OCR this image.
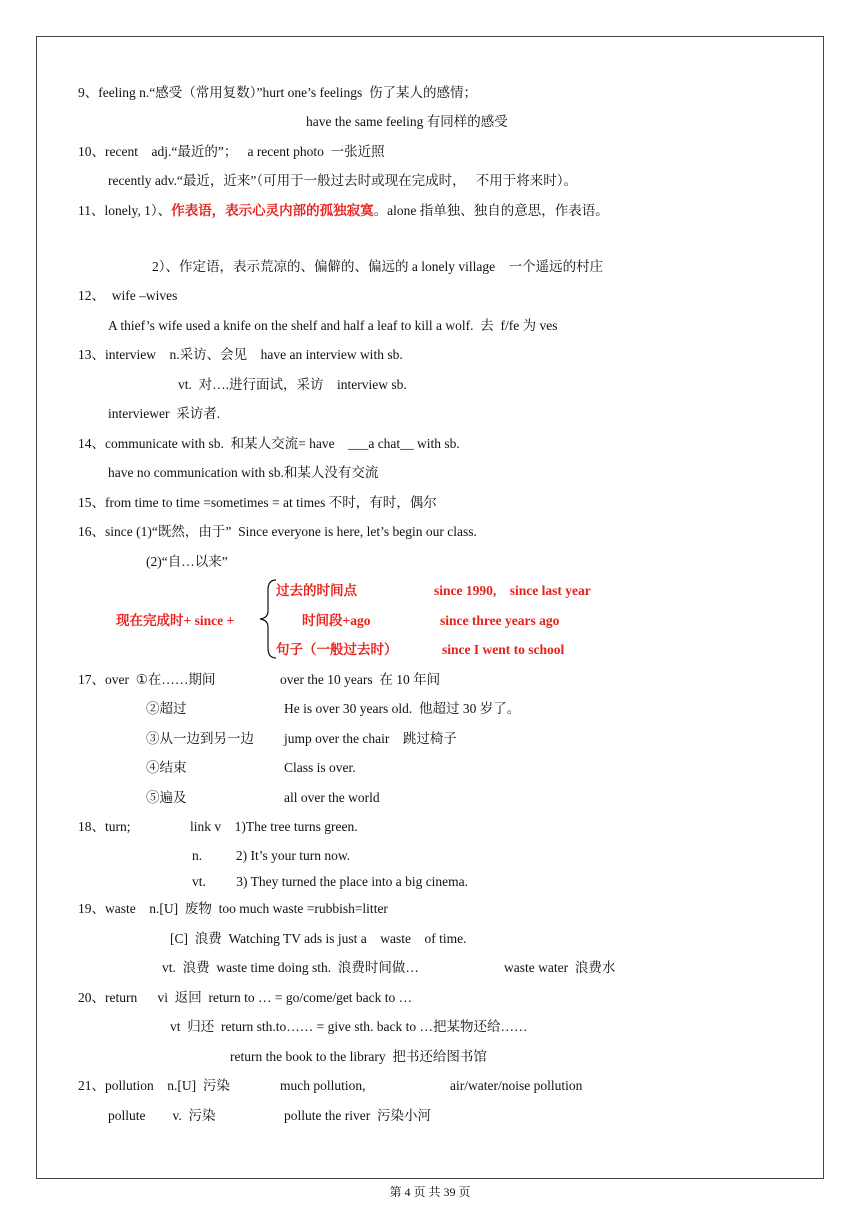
9、feeling n.“感受（常用复数）”hurt one’s feelings  伤了某人的感情；
have the same feeling 有同样的感受
10、recent    adj.“最近的”；   a recent photo  一张近照
recently adv.“最近，近来”（可用于一般过去时或现在完成时，   不用于将来时）。
11、lonely, 1）、作表语，表示心灵内部的孤独寂寞。alone 指单独、独自的意思，作表语。
2）、作定语，表示荒凉的、偏僻的、偏远的 a lonely village    一个遥远的村庄
12、  wife –wives
A thief’s wife used a knife on the shelf and half a leaf to kill a wolf.  去  f/fe 为 ves
13、interview    n.采访、会见    have an interview with sb.
vt.  对….进行面试，采访    interview sb.
interviewer  采访者.
14、communicate with sb.  和某人交流= have    ___a chat__ with sb.
have no communication with sb.和某人没有交流
15、from time to time =sometimes = at times 不时，有时，偶尔
16、since (1)“既然，由于”  Since everyone is here, let’s begin our class.
(2)“自…以来”
现在完成时+ since +
过去的时间点	since 1990,    since last year
时间段+ago	since three years ago
句子（一般过去时）	since I went to school
17、over  ①在……期间	over the 10 years  在 10 年间
②超过	He is over 30 years old.  他超过 30 岁了。
③从一边到另一边 jump over the chair    跳过椅子
④结束	Class is over.
⑤遍及	all over the world
18、turn;	link v    1)The tree turns green.
n.          2) It’s your turn now.
vt.         3) They turned the place into a big cinema.
19、waste    n.[U]  废物  too much waste =rubbish=litter
[C]  浪费  Watching TV ads is just a    waste    of time.
vt.  浪费  waste time doing sth.  浪费时间做…	waste water  浪费水
20、return      vi  返回  return to … = go/come/get back to …
vt  归还  return sth.to…… = give sth. back to …把某物还给……
return the book to the library  把书还给图书馆
21、pollution    n.[U]  污染	much pollution,	air/water/noise pollution
pollute        v.  污染	pollute the river  污染小河
第 4 页 共 39 页
